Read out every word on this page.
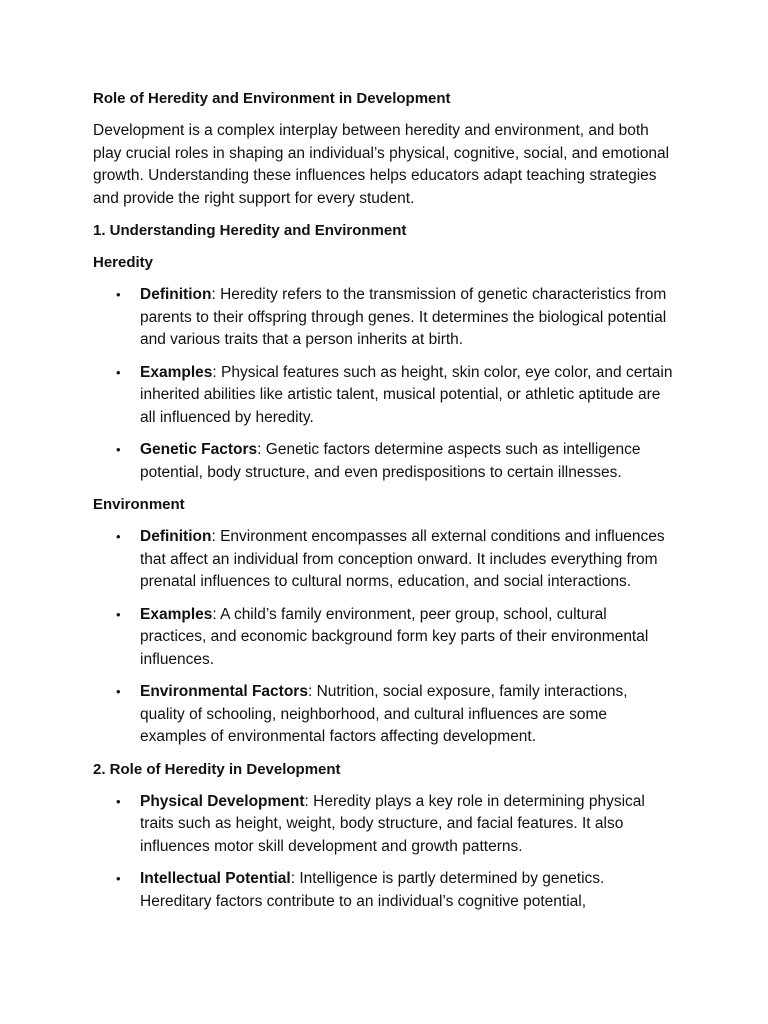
Role of Heredity and Environment in Development
Development is a complex interplay between heredity and environment, and both play crucial roles in shaping an individual’s physical, cognitive, social, and emotional growth. Understanding these influences helps educators adapt teaching strategies and provide the right support for every student.
1. Understanding Heredity and Environment
Heredity
• Definition: Heredity refers to the transmission of genetic characteristics from parents to their offspring through genes. It determines the biological potential and various traits that a person inherits at birth.
• Examples: Physical features such as height, skin color, eye color, and certain inherited abilities like artistic talent, musical potential, or athletic aptitude are all influenced by heredity.
• Genetic Factors: Genetic factors determine aspects such as intelligence potential, body structure, and even predispositions to certain illnesses.
Environment
• Definition: Environment encompasses all external conditions and influences that affect an individual from conception onward. It includes everything from prenatal influences to cultural norms, education, and social interactions.
• Examples: A child’s family environment, peer group, school, cultural practices, and economic background form key parts of their environmental influences.
• Environmental Factors: Nutrition, social exposure, family interactions, quality of schooling, neighborhood, and cultural influences are some examples of environmental factors affecting development.
2. Role of Heredity in Development
• Physical Development: Heredity plays a key role in determining physical traits such as height, weight, body structure, and facial features. It also influences motor skill development and growth patterns.
• Intellectual Potential: Intelligence is partly determined by genetics. Hereditary factors contribute to an individual’s cognitive potential,
